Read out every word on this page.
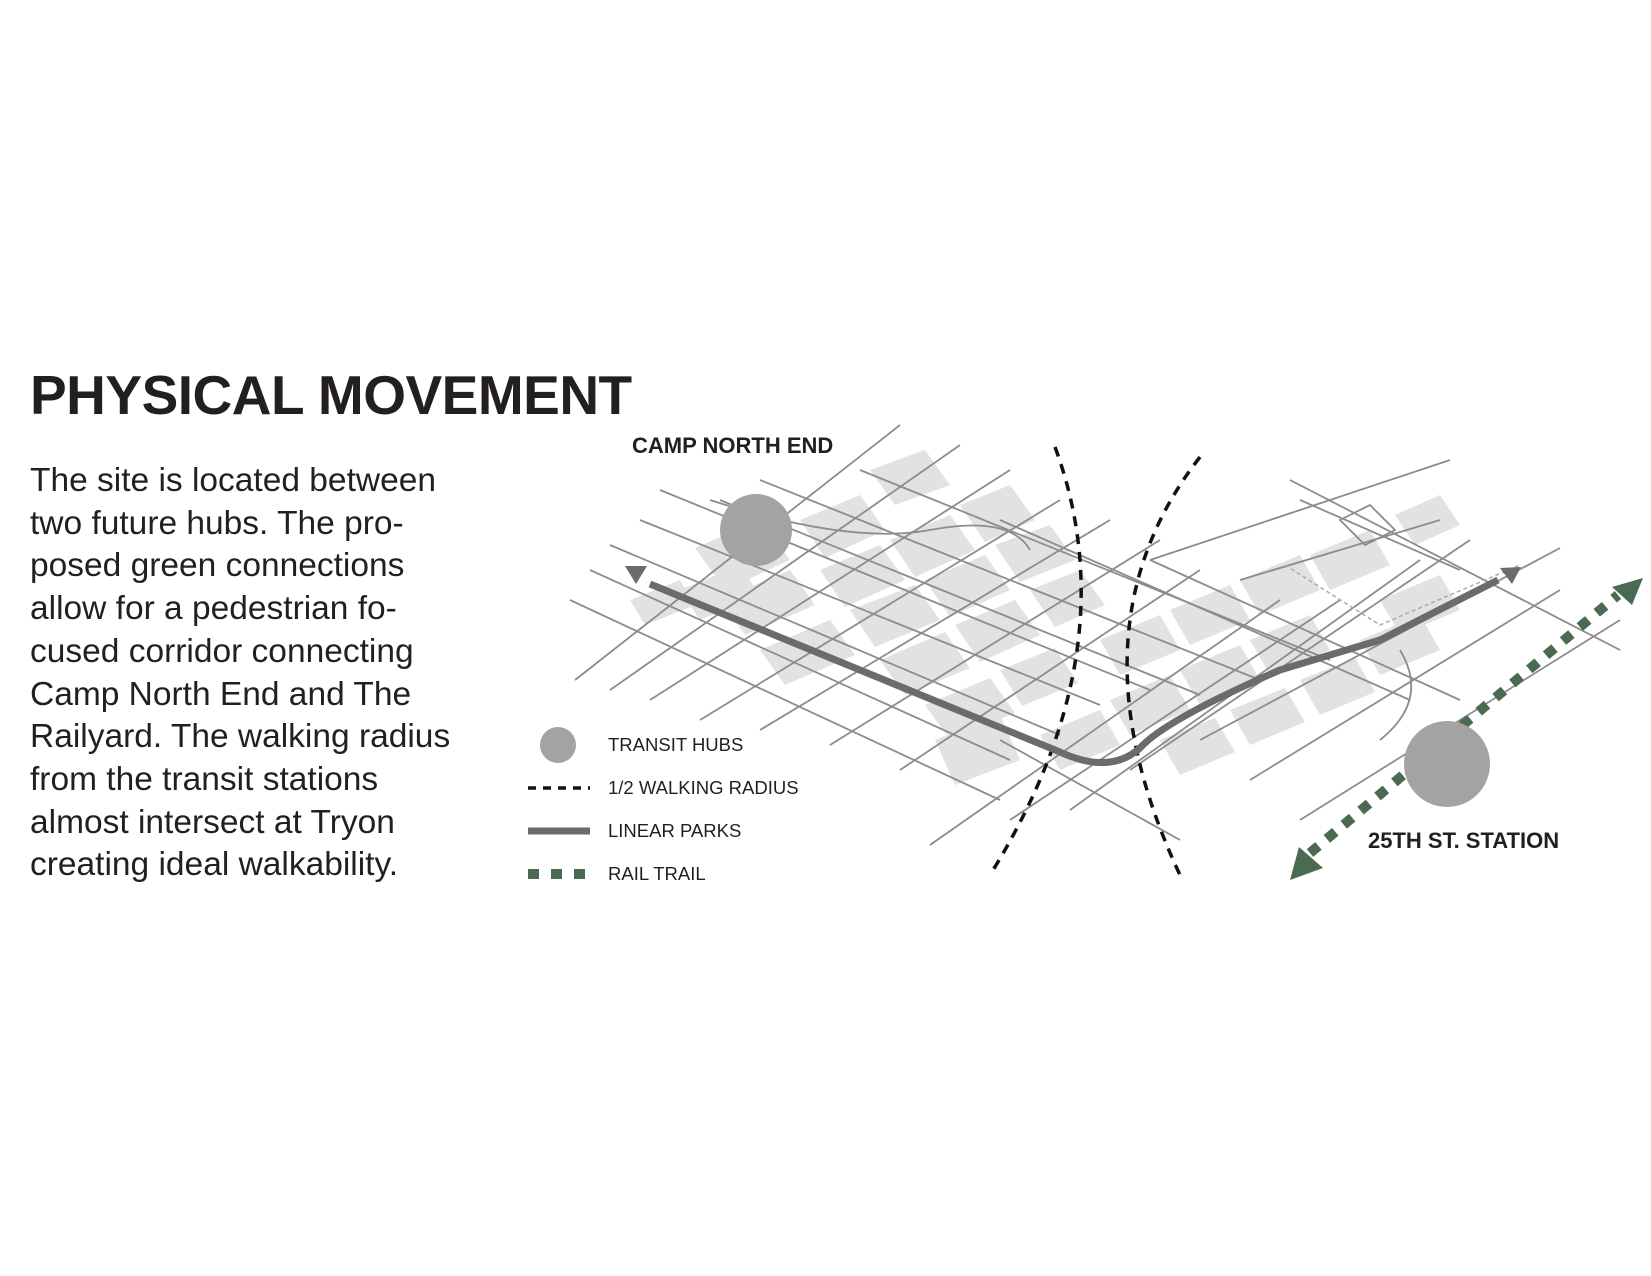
PHYSICAL MOVEMENT
The site is located between
two future hubs. The pro-
posed green connections
allow for a pedestrian fo-
cused corridor connecting
Camp North End and The
Railyard. The walking radius
from the transit stations
almost intersect at Tryon
creating ideal walkability.
CAMP NORTH END
25TH ST. STATION
TRANSIT HUBS
1/2 WALKING RADIUS
LINEAR PARKS
RAIL TRAIL
